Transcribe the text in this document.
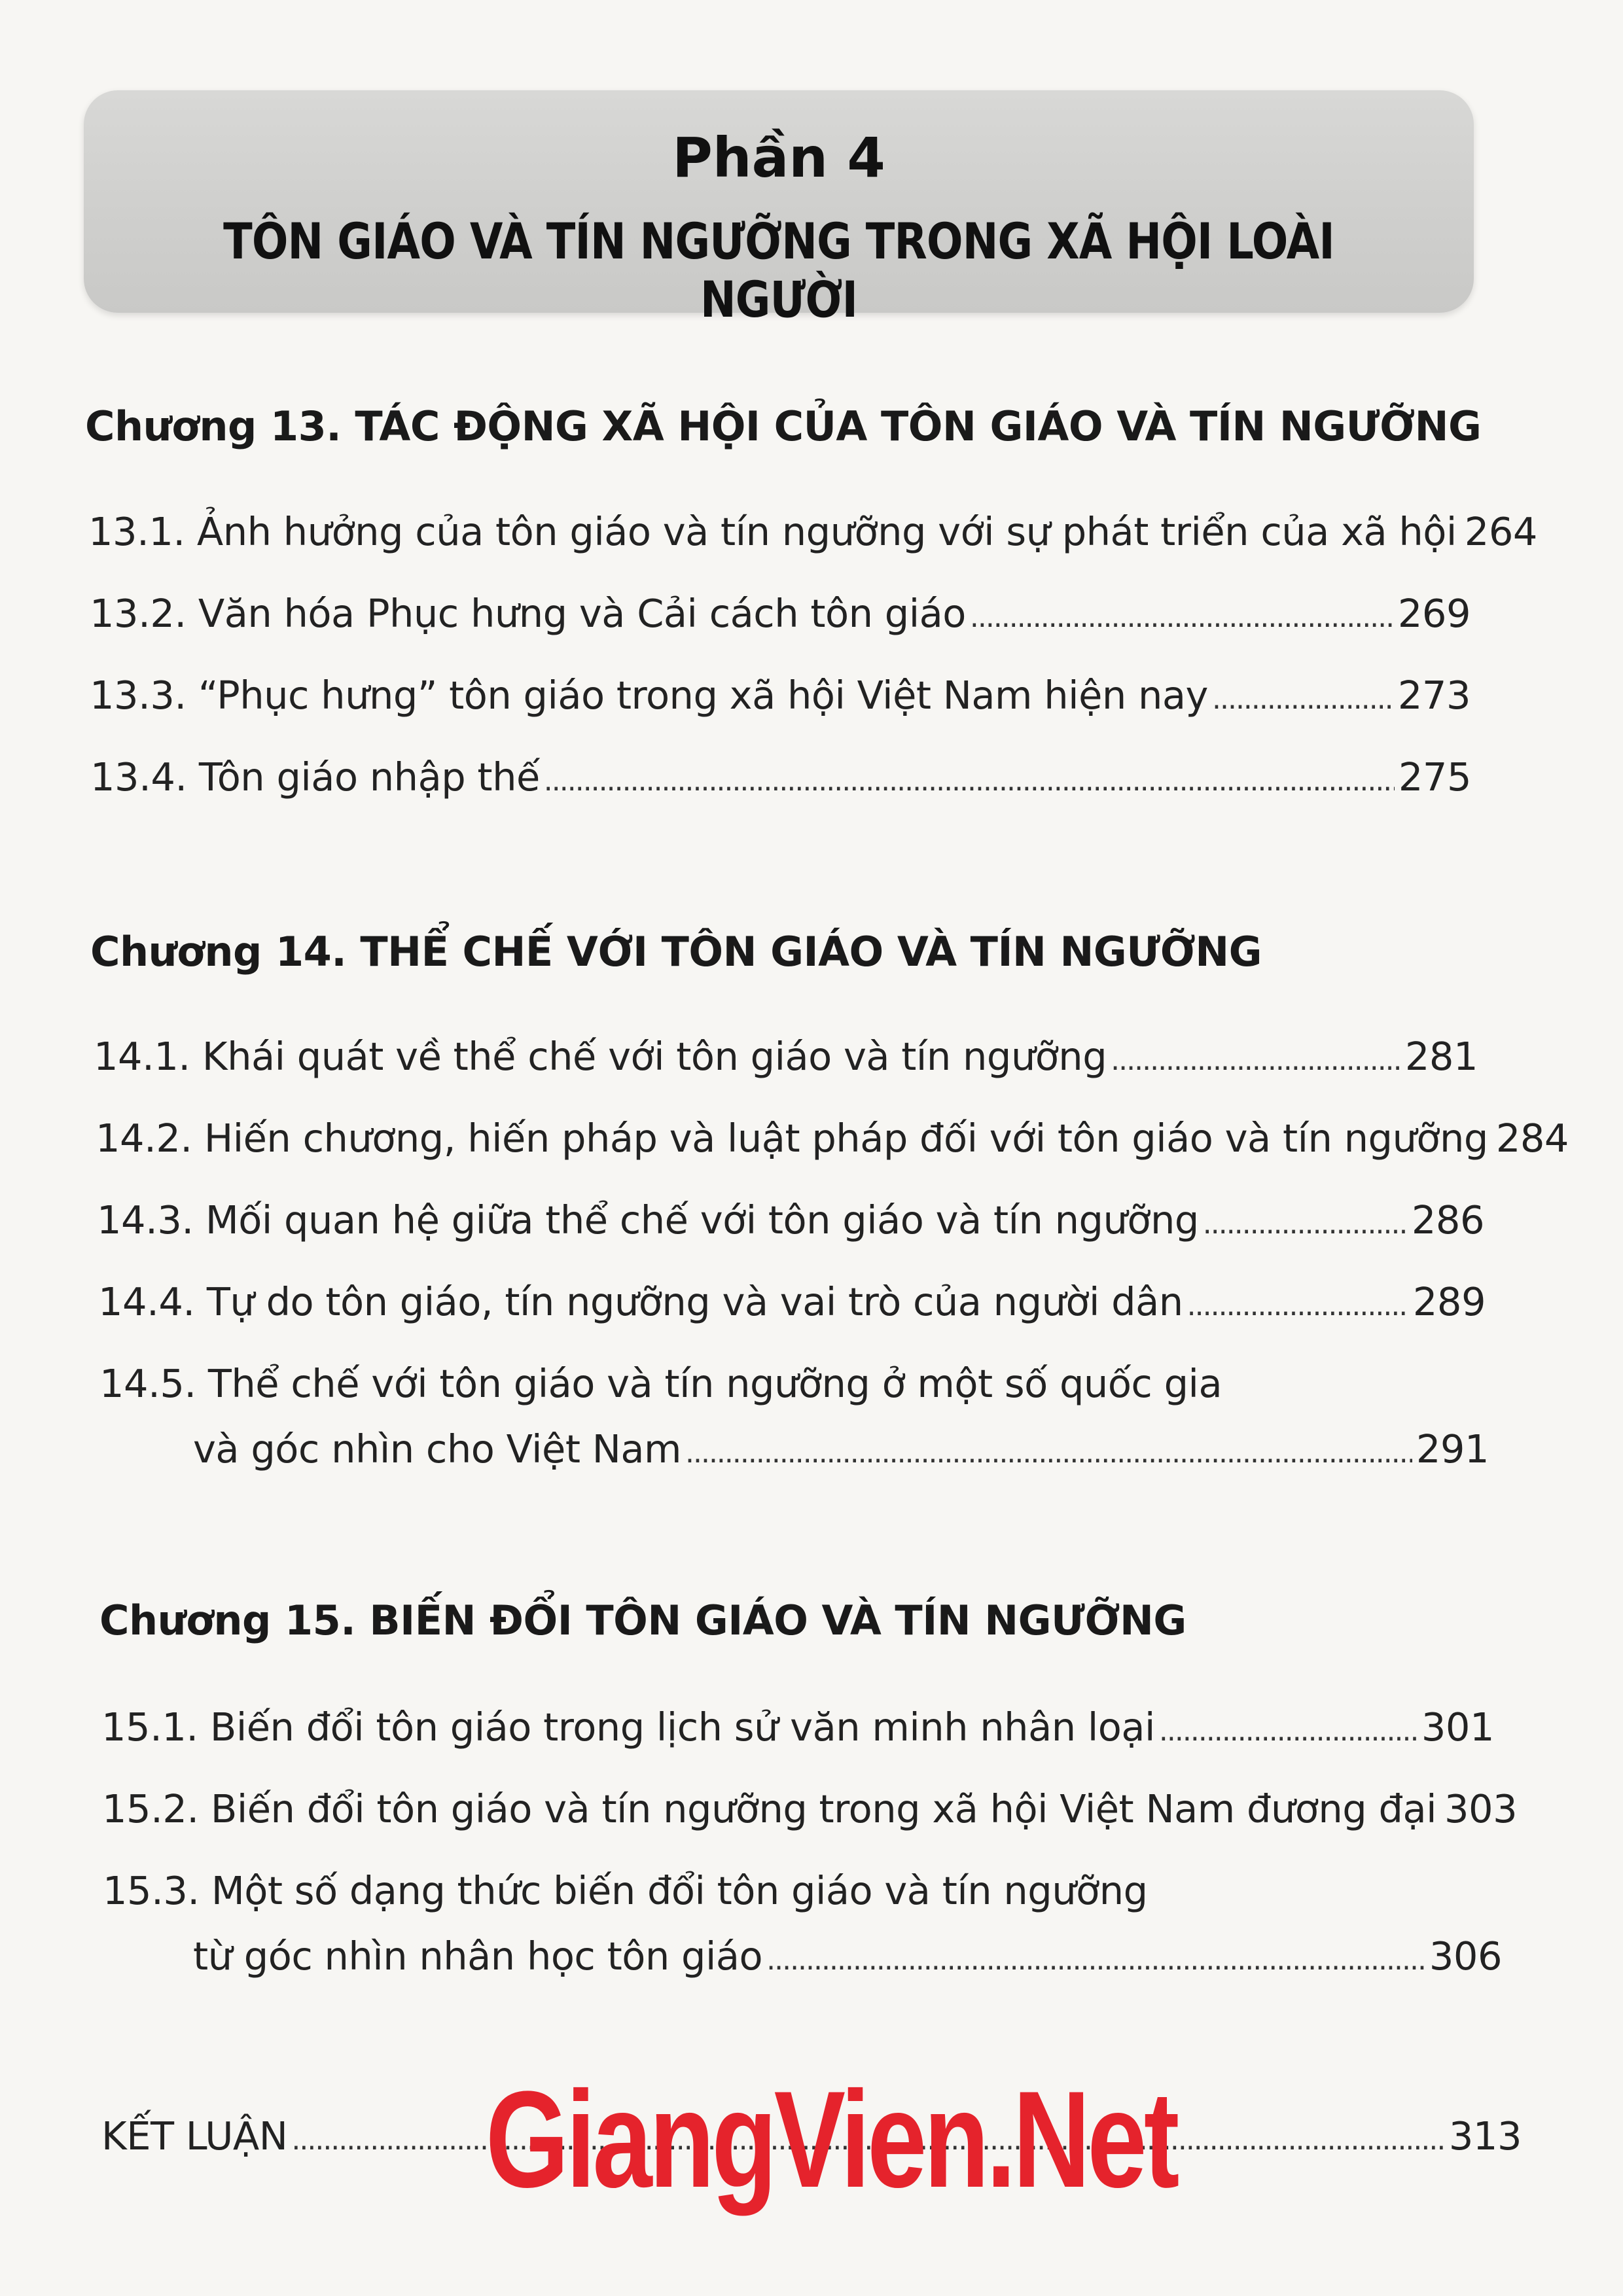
Phần 4
TÔN GIÁO VÀ TÍN NGƯỠNG TRONG XÃ HỘI LOÀI NGƯỜI
Chương 13. TÁC ĐỘNG XÃ HỘI CỦA TÔN GIÁO VÀ TÍN NGƯỠNG
13.1. Ảnh hưởng của tôn giáo và tín ngưỡng với sự phát triển của xã hội 264
13.2. Văn hóa Phục hưng và Cải cách tôn giáo .....	269
13.3. “Phục hưng” tôn giáo trong xã hội Việt Nam hiện nay .....	273
13.4. Tôn giáo nhập thế .....	275
Chương 14. THỂ CHẾ VỚI TÔN GIÁO VÀ TÍN NGƯỠNG
14.1. Khái quát về thể chế với tôn giáo và tín ngưỡng .....	281
14.2. Hiến chương, hiến pháp và luật pháp đối với tôn giáo và tín ngưỡng 284
14.3. Mối quan hệ giữa thể chế với tôn giáo và tín ngưỡng .....	286
14.4. Tự do tôn giáo, tín ngưỡng và vai trò của người dân .....	289
14.5. Thể chế với tôn giáo và tín ngưỡng ở một số quốc gia
và góc nhìn cho Việt Nam .....	291
Chương 15. BIẾN ĐỔI TÔN GIÁO VÀ TÍN NGƯỠNG
15.1. Biến đổi tôn giáo trong lịch sử văn minh nhân loại .....	301
15.2. Biến đổi tôn giáo và tín ngưỡng trong xã hội Việt Nam đương đại 303
15.3. Một số dạng thức biến đổi tôn giáo và tín ngưỡng
từ góc nhìn nhân học tôn giáo .....	306
KẾT LUẬN .....	313
GiangVien.Net
